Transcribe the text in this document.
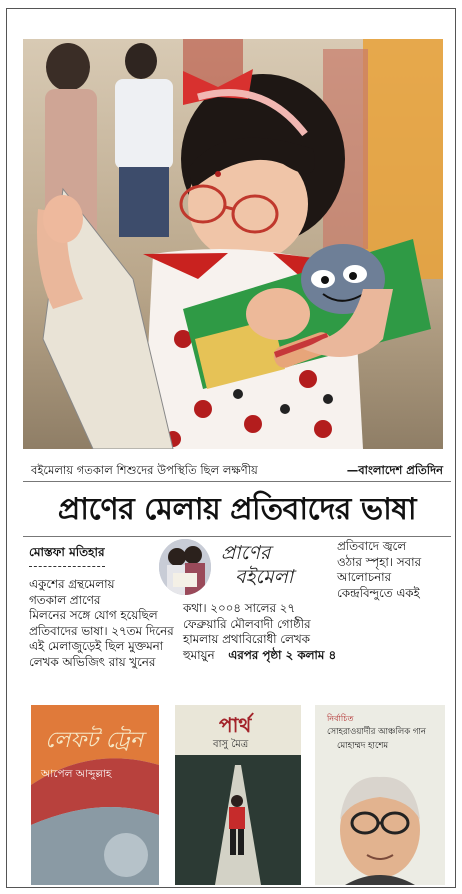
বইমেলায় গতকাল শিশুদের উপস্থিতি ছিল লক্ষণীয়	—বাংলাদেশ প্রতিদিন
প্রাণের মেলায় প্রতিবাদের ভাষা
মোস্তফা মতিহার	প্রাণের
বইমেলা
একুশের গ্রন্থমেলায়
গতকাল প্রাণের
মিলনের সঙ্গে যোগ হয়েছিল
প্রতিবাদের ভাষা। ২৭তম দিনের
এই মেলাজুড়েই ছিল মুক্তমনা
লেখক অভিজিৎ রায় খুনের
প্রতিবাদে জ্বলে
ওঠার স্পৃহা। সবার
আলোচনার
কেন্দ্রবিন্দুতে একই
কথা। ২০০৪ সালের ২৭
ফেব্রুয়ারি মৌলবাদী গোষ্ঠীর
হামলায় প্রথাবিরোধী লেখক
হুমায়ুন এরপর পৃষ্ঠা ২ কলাম ৪
লেফট ট্রেন
আপেল আব্দুল্লাহ
পার্থ
বাসু মৈত্র
নির্বাচিত
সোহরাওয়ার্দীর আঞ্চলিক গান
মোহাম্মদ হাশেম
